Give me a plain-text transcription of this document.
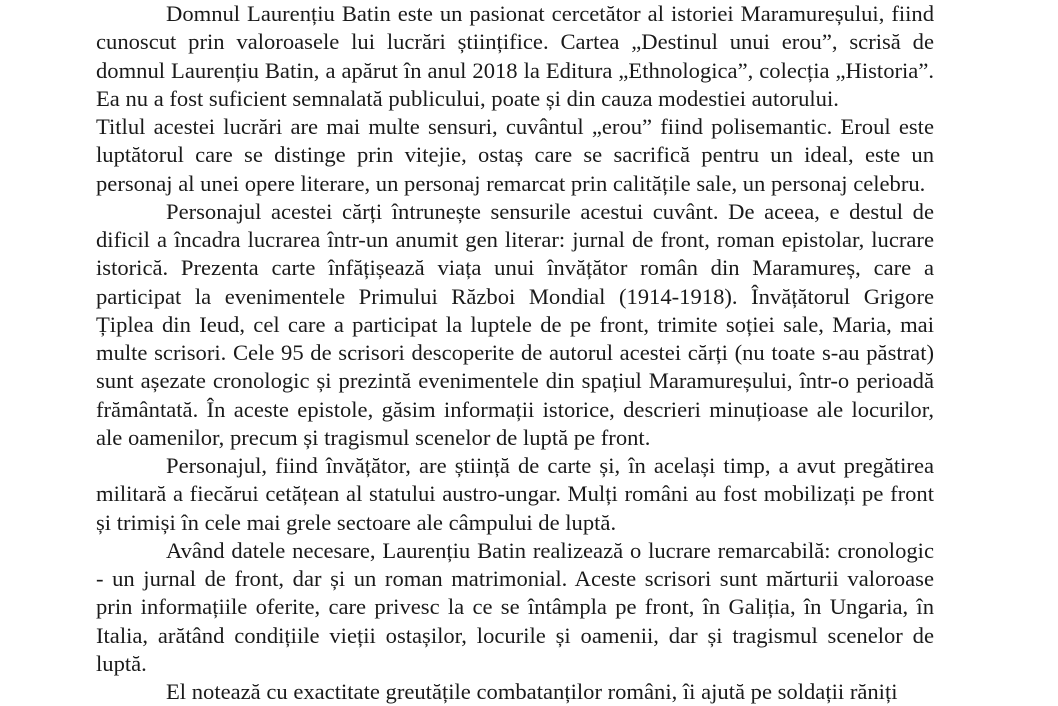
Domnul Laurențiu Batin este un pasionat cercetător al istoriei Maramureșului, fiind cunoscut prin valoroasele lui lucrări științifice. Cartea „Destinul unui erou”, scrisă de domnul Laurențiu Batin, a apărut în anul 2018 la Editura „Ethnologica”, colecția „Historia”. Ea nu a fost suficient semnalată publicului, poate și din cauza modestiei autorului.

Titlul acestei lucrări are mai multe sensuri, cuvântul „erou” fiind polisemantic. Eroul este luptătorul care se distinge prin vitejie, ostaș care se sacrifică pentru un ideal, este un personaj al unei opere literare, un personaj remarcat prin calitățile sale, un personaj celebru.

Personajul acestei cărți întrunește sensurile acestui cuvânt. De aceea, e destul de dificil a încadra lucrarea într-un anumit gen literar: jurnal de front, roman epistolar, lucrare istorică. Prezenta carte înfățișează viața unui învățător român din Maramureș, care a participat la evenimentele Primului Război Mondial (1914-1918). Învățătorul Grigore Țiplea din Ieud, cel care a participat la luptele de pe front, trimite soției sale, Maria, mai multe scrisori. Cele 95 de scrisori descoperite de autorul acestei cărți (nu toate s-au păstrat) sunt așezate cronologic și prezintă evenimentele din spațiul Maramureșului, într-o perioadă frământată. În aceste epistole, găsim informații istorice, descrieri minuțioase ale locurilor, ale oamenilor, precum și tragismul scenelor de luptă pe front.

Personajul, fiind învățător, are știință de carte și, în același timp, a avut pregătirea militară a fiecărui cetățean al statului austro-ungar. Mulți români au fost mobilizați pe front și trimiși în cele mai grele sectoare ale câmpului de luptă.

Având datele necesare, Laurențiu Batin realizează o lucrare remarcabilă: cronologic - un jurnal de front, dar și un roman matrimonial. Aceste scrisori sunt mărturii valoroase prin informațiile oferite, care privesc la ce se întâmpla pe front, în Galiția, în Ungaria, în Italia, arătând condițiile vieții ostașilor, locurile și oamenii, dar și tragismul scenelor de luptă.

El notează cu exactitate greutățile combatanților români, îi ajută pe soldații răniți
